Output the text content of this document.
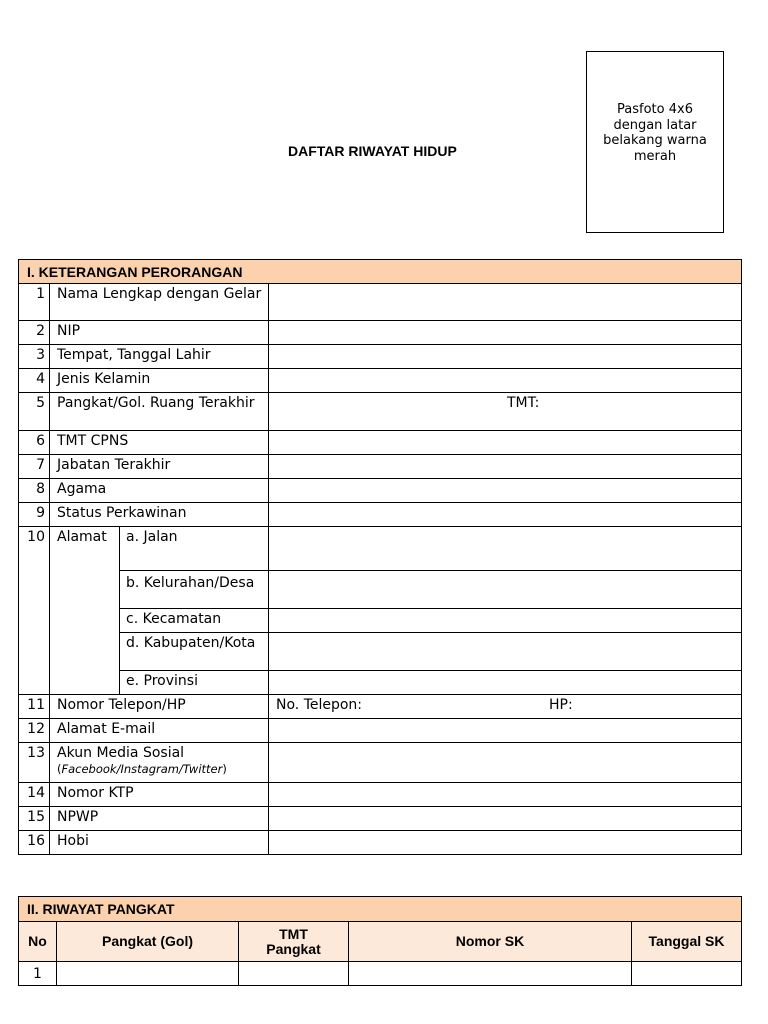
DAFTAR RIWAYAT HIDUP
Pasfoto 4x6 dengan latar belakang warna merah
I. KETERANGAN PERORANGAN			
1	Nama Lengkap dengan Gelar		
2	NIP		
3	Tempat, Tanggal Lahir		
4	Jenis Kelamin		
5	Pangkat/Gol. Ruang Terakhir		TMT:
6	TMT CPNS		
7	Jabatan Terakhir		
8	Agama		
9	Status Perkawinan		
10	Alamat	a. Jalan	
		b. Kelurahan/Desa	
		c. Kecamatan	
		d. Kabupaten/Kota	
		e. Provinsi	
11	Nomor Telepon/HP		No. Telepon: HP:

12	Alamat E-mail		
13	Akun Media Sosial
(Facebook/Instagram/Twitter)		
14	Nomor KTP		
15	NPWP		
16	Hobi		
II. RIWAYAT PANGKAT				
No	Pangkat (Gol)	TMT Pangkat	Nomor SK	Tanggal SK
1				
